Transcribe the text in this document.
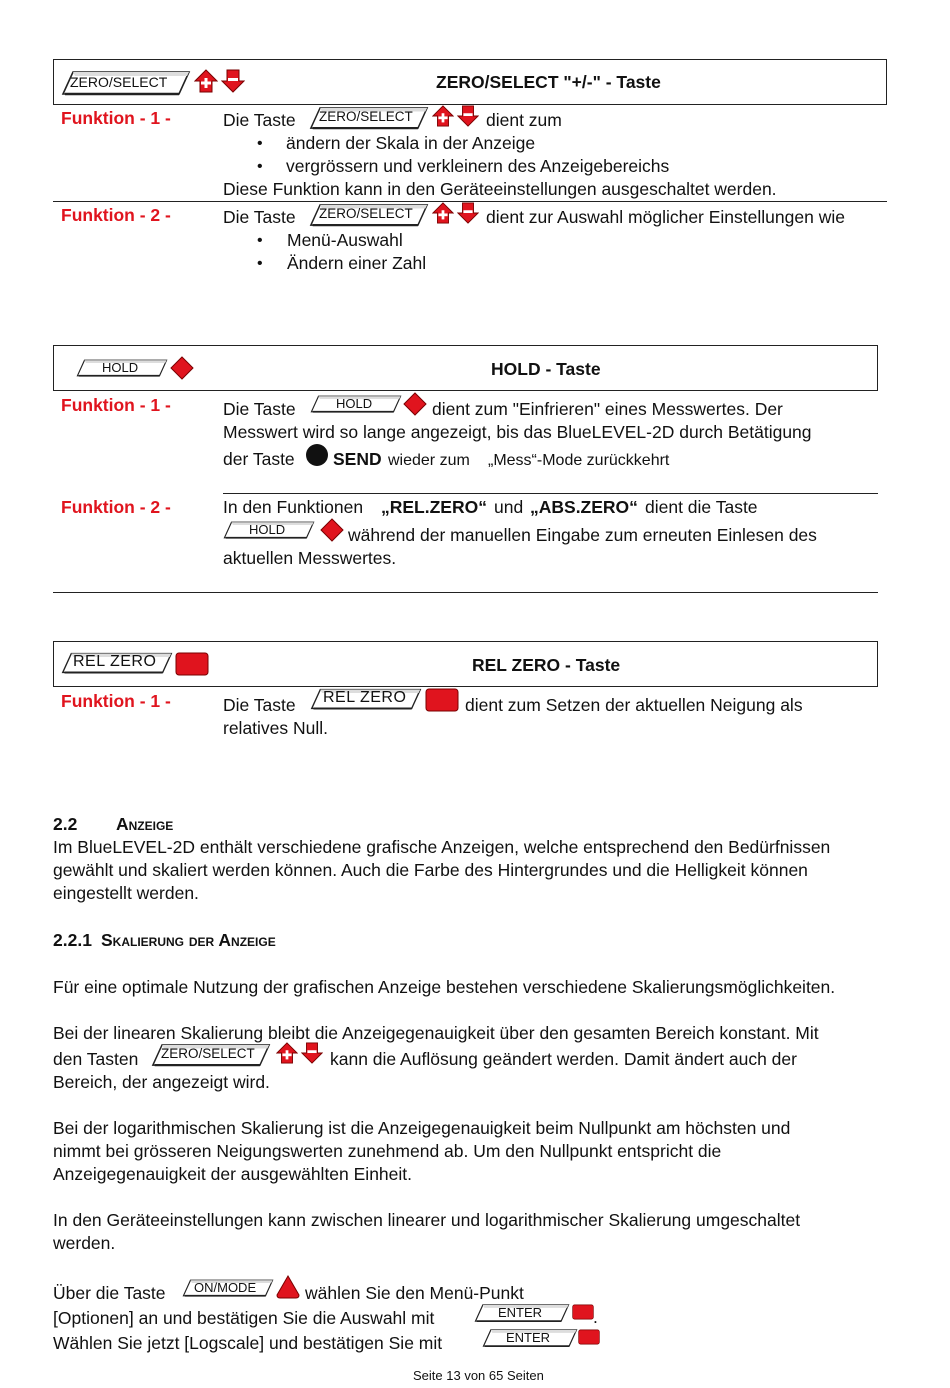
ZERO/SELECT	ZERO/SELECT "+/-" - Taste
Funktion - 1 -	Die Taste ZERO/SELECT	dient zum
• ändern der Skala in der Anzeige
• vergrössern und verkleinern des Anzeigebereichs
Diese Funktion kann in den Geräteeinstellungen ausgeschaltet werden.
Funktion - 2 -	Die Taste ZERO/SELECT	dient zur Auswahl möglicher Einstellungen wie
• Menü-Auswahl
• Ändern einer Zahl
HOLD	HOLD - Taste
Funktion - 1 -	Die Taste	HOLD	dient zum "Einfrieren" eines Messwertes. Der
Messwert wird so lange angezeigt, bis das BlueLEVEL-2D durch Betätigung
der Taste SEND wieder zum „Mess“-Mode zurückkehrt
Funktion - 2 -	In den Funktionen „REL.ZERO“ und „ABS.ZERO“ dient die Taste
HOLD	während der manuellen Eingabe zum erneuten Einlesen des
aktuellen Messwertes.
REL ZERO	REL ZERO - Taste
Funktion - 1 -	Die Taste REL ZERO	dient zum Setzen der aktuellen Neigung als
relatives Null.
2.2 Anzeige
Im BlueLEVEL-2D enthält verschiedene grafische Anzeigen, welche entsprechend den Bedürfnissen
gewählt und skaliert werden können. Auch die Farbe des Hintergrundes und die Helligkeit können
eingestellt werden.
2.2.1 Skalierung der Anzeige
Für eine optimale Nutzung der grafischen Anzeige bestehen verschiedene Skalierungsmöglichkeiten.
Bei der linearen Skalierung bleibt die Anzeigegenauigkeit über den gesamten Bereich konstant. Mit
den Tasten ZERO/SELECT	kann die Auflösung geändert werden. Damit ändert auch der
Bereich, der angezeigt wird.
Bei der logarithmischen Skalierung ist die Anzeigegenauigkeit beim Nullpunkt am höchsten und
nimmt bei grösseren Neigungswerten zunehmend ab. Um den Nullpunkt entspricht die
Anzeigegenauigkeit der ausgewählten Einheit.
In den Geräteeinstellungen kann zwischen linearer und logarithmischer Skalierung umgeschaltet
werden.
Über die Taste ON/MODE	wählen Sie den Menü-Punkt
[Optionen] an und bestätigen Sie die Auswahl mit	ENTER	.
Wählen Sie jetzt [Logscale] und bestätigen Sie mit	ENTER
Seite 13 von 65 Seiten
